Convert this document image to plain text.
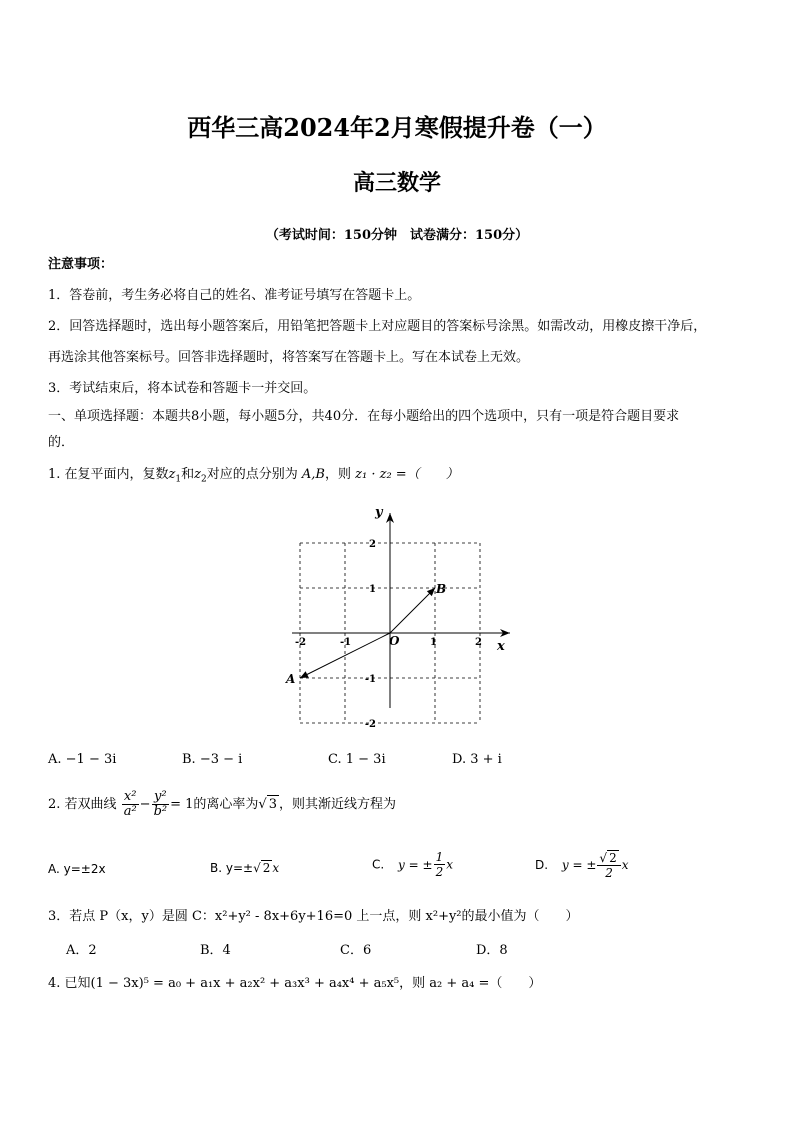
西华三高2024年2月寒假提升卷（一）
高三数学
（考试时间：150分钟　试卷满分：150分）
注意事项：
1．答卷前，考生务必将自己的姓名、准考证号填写在答题卡上。
2．回答选择题时，选出每小题答案后，用铅笔把答题卡上对应题目的答案标号涂黑。如需改动，用橡皮擦干净后，
再选涂其他答案标号。回答非选择题时，将答案写在答题卡上。写在本试卷上无效。
3．考试结束后，将本试卷和答题卡一并交回。
一、单项选择题：本题共8小题，每小题5分，共40分．在每小题给出的四个选项中，只有一项是符合题目要求
的．
1. 在复平面内，复数$z_1$和$z_2$对应的点分别为 A,B，则 z₁ · z₂ =（　　）
y
x
O
-2	-1	1	2
2
1
-1
-2
A
B
A. −1 − 3i	B. −3 − i	C. 1 − 3i	D. 3 + i
2. 若双曲线 $\frac{\text{x²}}{\text{a²}} - \frac{\text{y²}}{\text{b²}} = 1$的离心率为√ 3 ，则其渐近线方程为
A. y=±2x	B. y=±√ 2 x	C. y = ± $\frac{1}{2}$ x	D. y = ± $\frac{√ 2}{2}$ x
3．若点 P（x，y）是圆 C：x²+y² - 8x+6y+16=0 上一点，则 x²+y²的最小值为（　　）
A．2	B．4	C．6	D．8
4. 已知(1 − 3x)⁵ = a₀ + a₁x + a₂x² + a₃x³ + a₄x⁴ + a₅x⁵，则 a₂ + a₄ =（　　）
